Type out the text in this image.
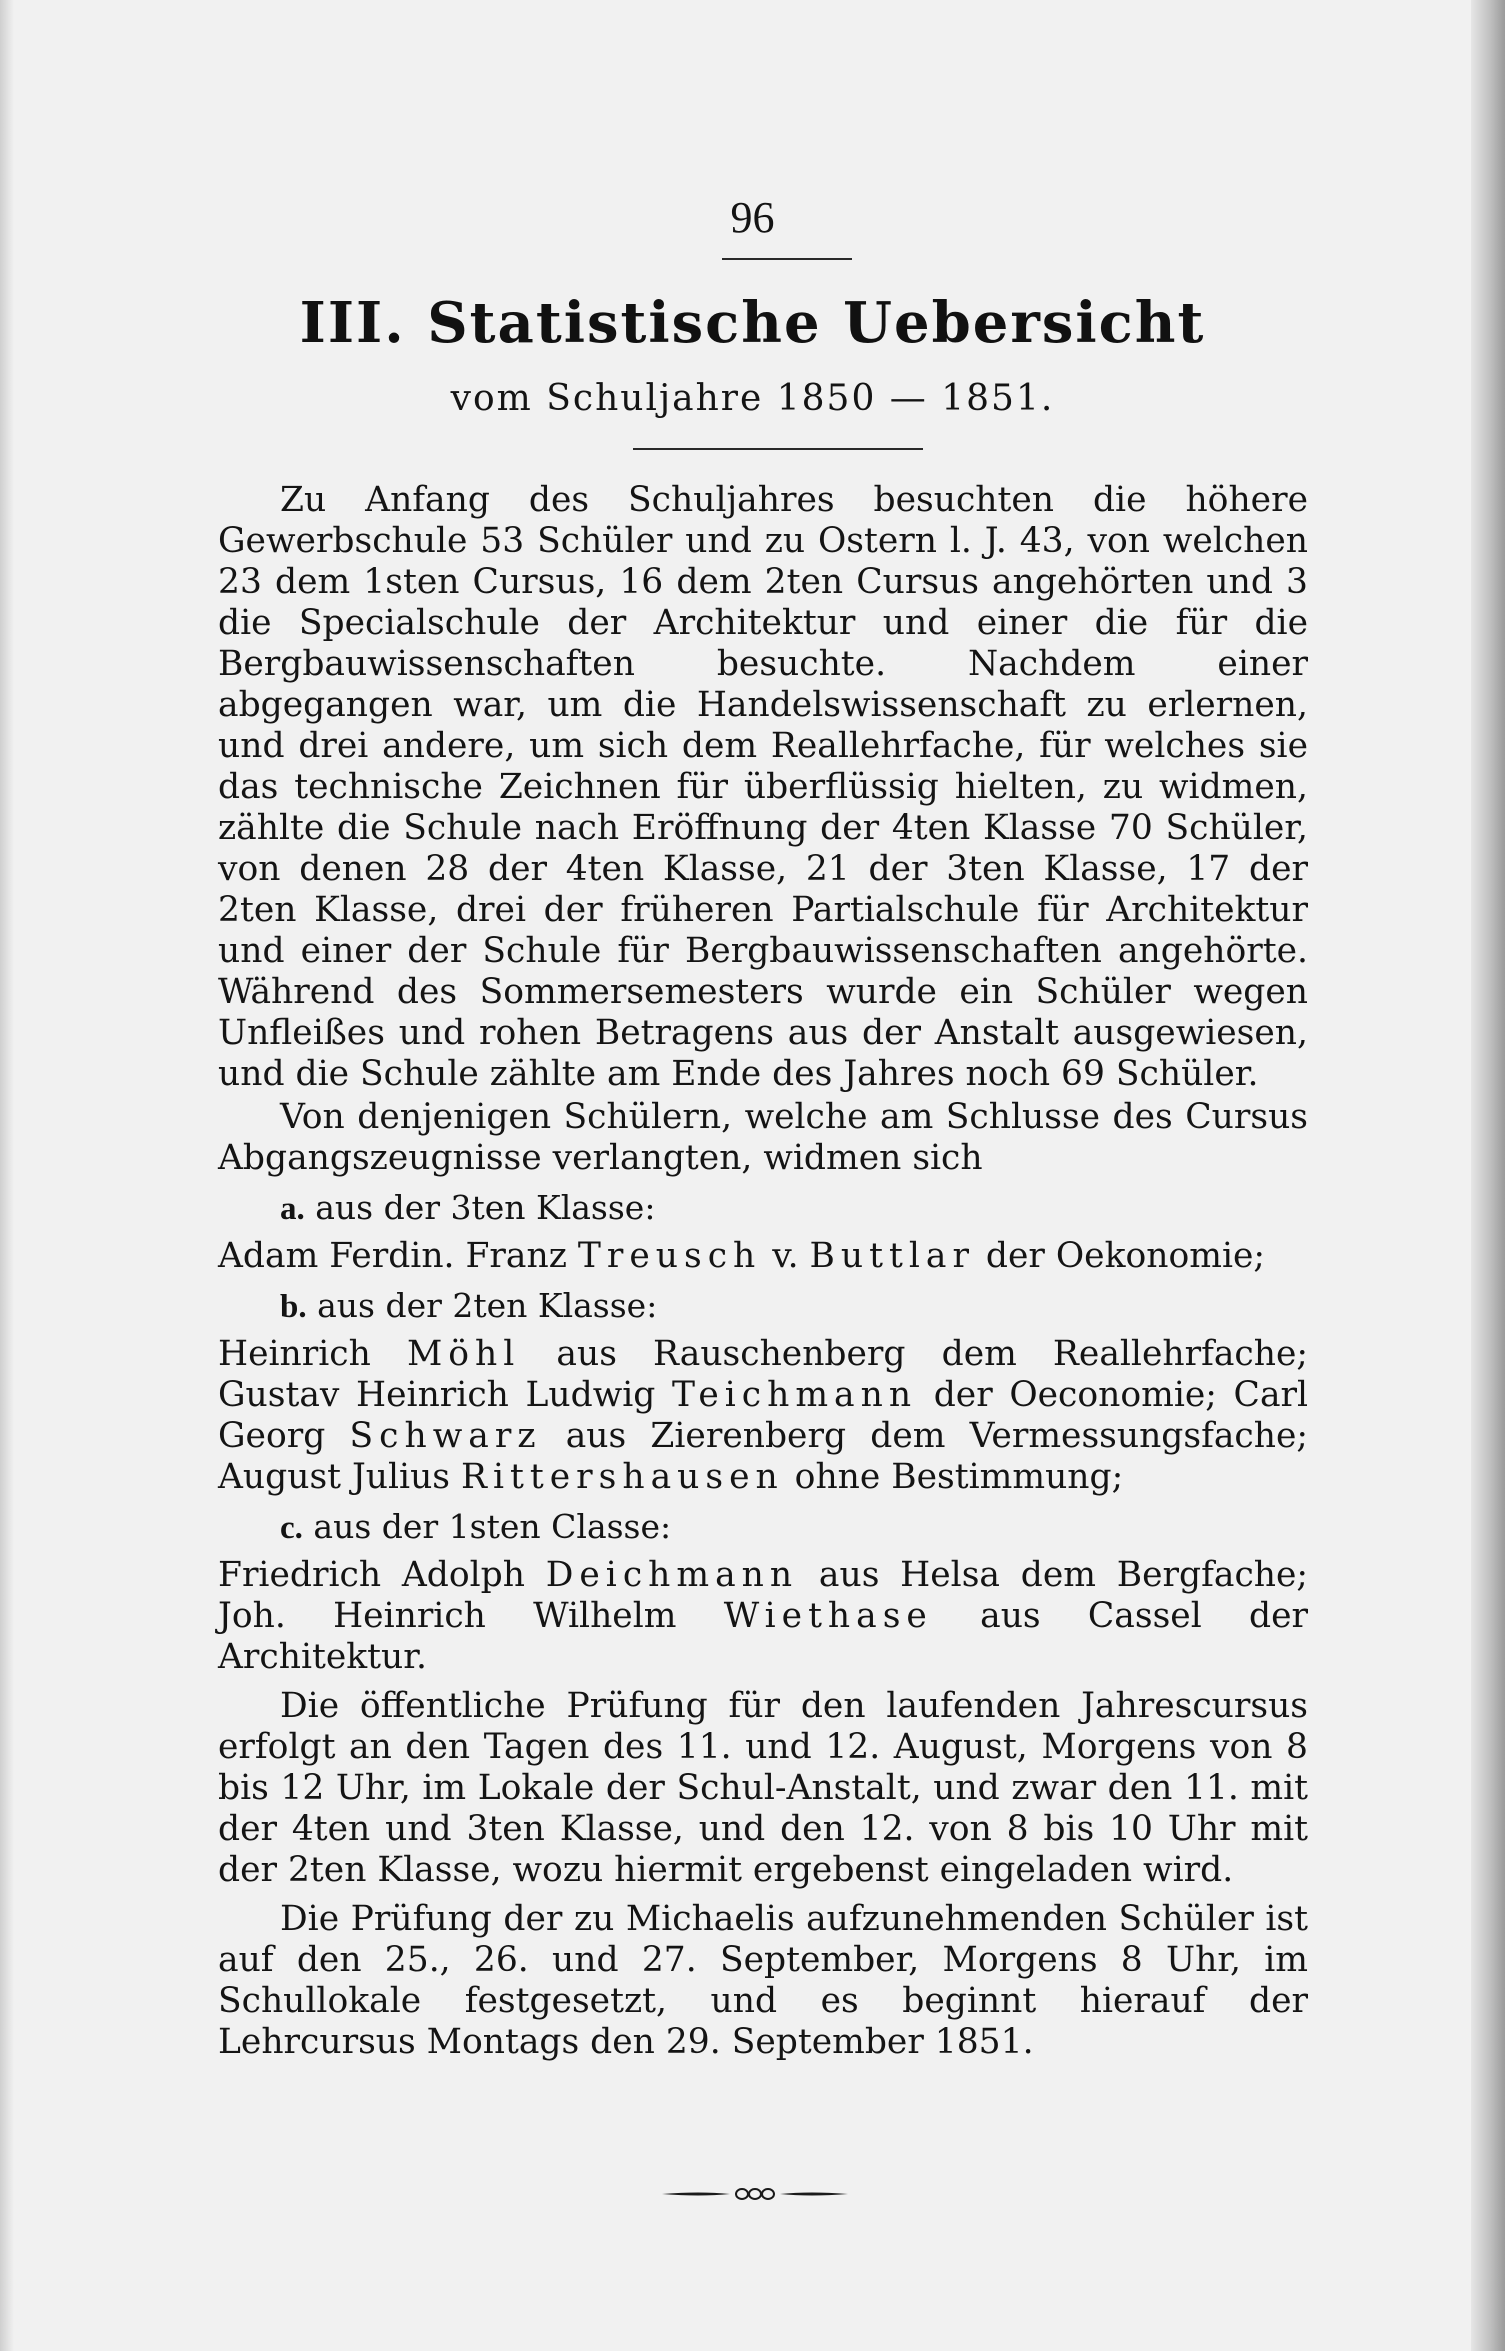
96
III. Statistische Uebersicht
vom Schuljahre 1850 — 1851.

Zu Anfang des Schuljahres besuchten die höhere Gewerbschule 53 Schüler und zu Ostern l. J. 43, von welchen 23 dem 1sten Cursus, 16 dem 2ten Cursus angehörten und 3 die Specialschule der Architektur und einer die für die Bergbauwissenschaften besuchte. Nachdem einer abgegangen war, um die Handelswissenschaft zu erlernen, und drei andere, um sich dem Reallehrfache, für welches sie das technische Zeichnen für überflüssig hielten, zu widmen, zählte die Schule nach Eröffnung der 4ten Klasse 70 Schüler, von denen 28 der 4ten Klasse, 21 der 3ten Klasse, 17 der 2ten Klasse, drei der früheren Partialschule für Architektur und einer der Schule für Bergbauwissenschaften angehörte. Während des Sommersemesters wurde ein Schüler wegen Unfleißes und rohen Betragens aus der Anstalt ausgewiesen, und die Schule zählte am Ende des Jahres noch 69 Schüler.

Von denjenigen Schülern, welche am Schlusse des Cursus Abgangszeugnisse verlangten, widmen sich

a. aus der 3ten Klasse:

Adam Ferdin. Franz Treusch v. Buttlar der Oekonomie;

b. aus der 2ten Klasse:

Heinrich Möhl aus Rauschenberg dem Reallehrfache; Gustav Heinrich Ludwig Teichmann der Oeconomie; Carl Georg Schwarz aus Zierenberg dem Vermessungsfache; August Julius Rittershausen ohne Bestimmung;

c. aus der 1sten Classe:

Friedrich Adolph Deichmann aus Helsa dem Bergfache; Joh. Heinrich Wilhelm Wiethase aus Cassel der Architektur.

Die öffentliche Prüfung für den laufenden Jahrescursus erfolgt an den Tagen des 11. und 12. August, Morgens von 8 bis 12 Uhr, im Lokale der Schul-Anstalt, und zwar den 11. mit der 4ten und 3ten Klasse, und den 12. von 8 bis 10 Uhr mit der 2ten Klasse, wozu hiermit ergebenst eingeladen wird.

Die Prüfung der zu Michaelis aufzunehmenden Schüler ist auf den 25., 26. und 27. September, Morgens 8 Uhr, im Schullokale festgesetzt, und es beginnt hierauf der Lehrcursus Montags den 29. September 1851.
